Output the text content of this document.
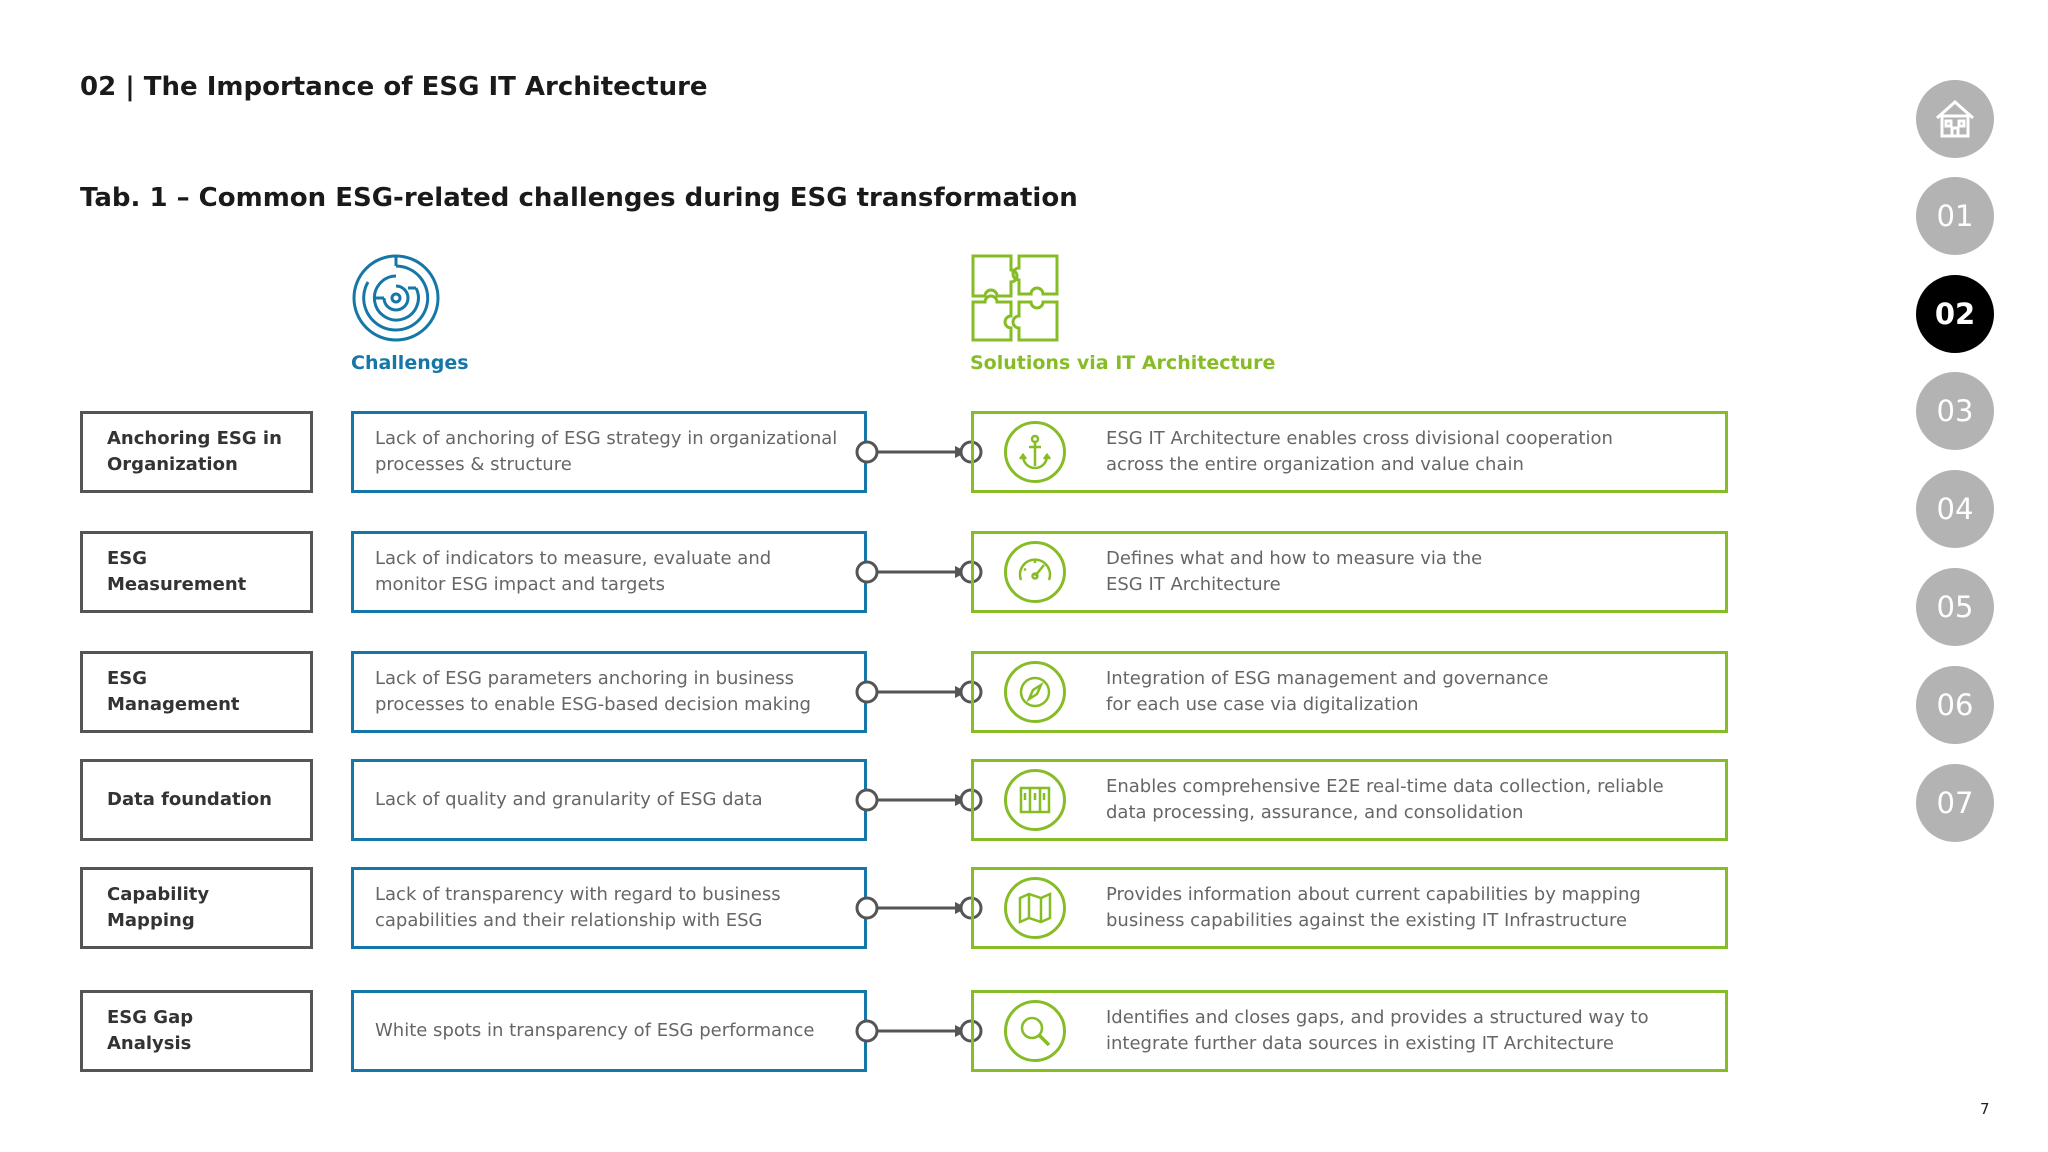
02 | The Importance of ESG IT Architecture
Tab. 1 – Common ESG-related challenges during ESG transformation
Challenges	Solutions via IT Architecture
Anchoring ESG in
Organization
Lack of anchoring of ESG strategy in organizational
processes & structure
ESG IT Architecture enables cross divisional cooperation
across the entire organization and value chain
ESG
Measurement
Lack of indicators to measure, evaluate and
monitor ESG impact and targets
Defines what and how to measure via the
ESG IT Architecture
ESG
Management
Lack of ESG parameters anchoring in business
processes to enable ESG-based decision making
Integration of ESG management and governance
for each use case via digitalization
Data foundation	Lack of quality and granularity of ESG data
Enables comprehensive E2E real-time data collection, reliable
data processing, assurance, and consolidation
Capability
Mapping
Lack of transparency with regard to business
capabilities and their relationship with ESG
Provides information about current capabilities by mapping
business capabilities against the existing IT Infrastructure
ESG Gap
Analysis
White spots in transparency of ESG performance
Identifies and closes gaps, and provides a structured way to
integrate further data sources in existing IT Architecture
01
02
03
04
05
06
07
7
